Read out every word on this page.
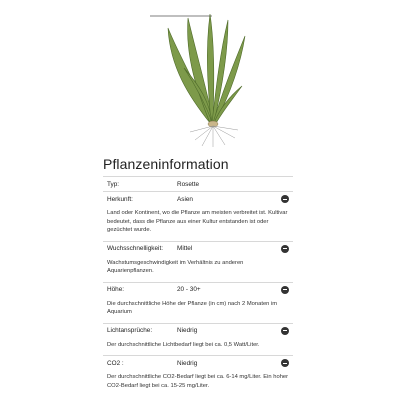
Pflanzeninformation
Typ:	Rosette
Herkunft:	Asien
Land oder Kontinent, wo die Pflanze am meisten verbreitet ist. Kultivar bedeutet, dass die Pflanze aus einer Kultur entstanden ist oder gezüchtet wurde.
Wuchsschnelligkeit:	Mittel
Wachstumsgeschwindigkeit im Verhältnis zu anderen Aquarienpflanzen.
Höhe:	20 - 30+
Die durchschnittliche Höhe der Pflanze (in cm) nach 2 Monaten im Aquarium
Lichtansprüche:	Niedrig
Der durchschnittliche Lichtbedarf liegt bei ca. 0,5 Watt/Liter.
CO2 :	Niedrig
Der durchschnittliche CO2-Bedarf liegt bei ca. 6-14 mg/Liter. Ein hoher CO2-Bedarf liegt bei ca. 15-25 mg/Liter.
